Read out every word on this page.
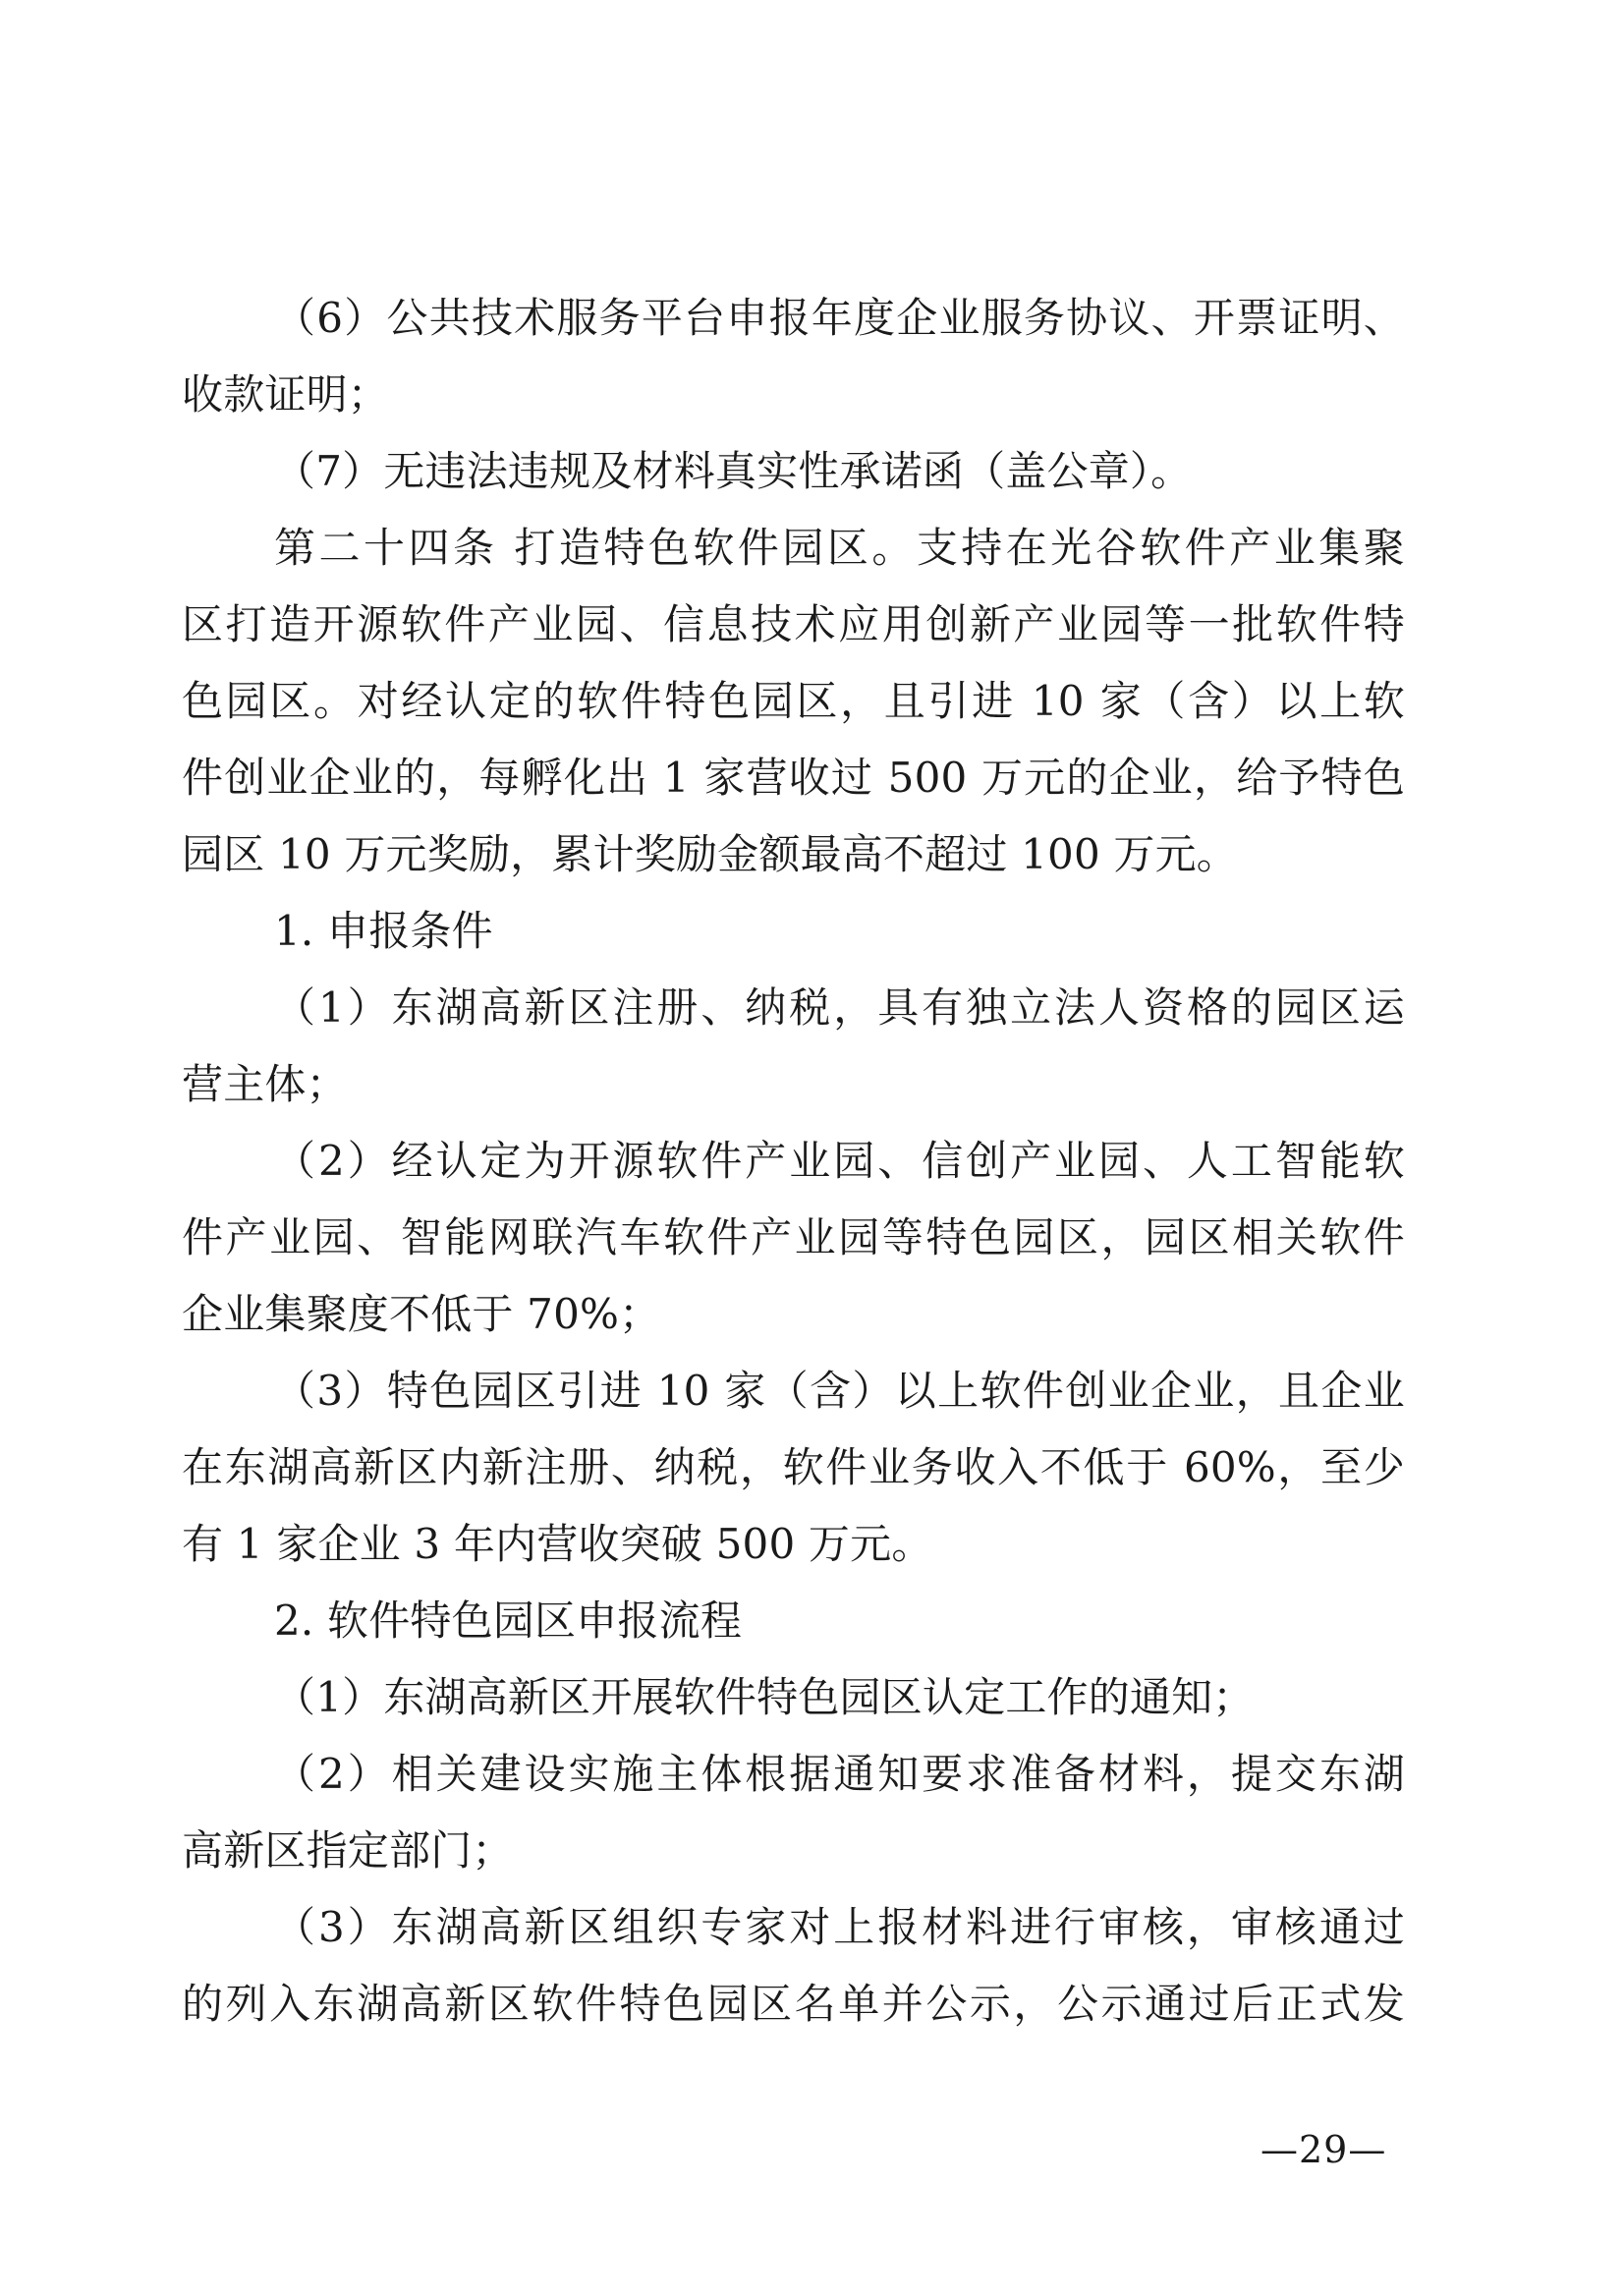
（6）公共技术服务平台申报年度企业服务协议、开票证明、
收款证明；
（7）无违法违规及材料真实性承诺函（盖公章）。
第二十四条 打造特色软件园区。支持在光谷软件产业集聚
区打造开源软件产业园、信息技术应用创新产业园等一批软件特
色园区。对经认定的软件特色园区，且引进 10 家（含）以上软
件创业企业的，每孵化出 1 家营收过 500 万元的企业，给予特色
园区 10 万元奖励，累计奖励金额最高不超过 100 万元。
1. 申报条件
（1）东湖高新区注册、纳税，具有独立法人资格的园区运
营主体；
（2）经认定为开源软件产业园、信创产业园、人工智能软
件产业园、智能网联汽车软件产业园等特色园区，园区相关软件
企业集聚度不低于 70%；
（3）特色园区引进 10 家（含）以上软件创业企业，且企业
在东湖高新区内新注册、纳税，软件业务收入不低于 60%，至少
有 1 家企业 3 年内营收突破 500 万元。
2. 软件特色园区申报流程
（1）东湖高新区开展软件特色园区认定工作的通知；
（2）相关建设实施主体根据通知要求准备材料，提交东湖
高新区指定部门；
（3）东湖高新区组织专家对上报材料进行审核，审核通过
的列入东湖高新区软件特色园区名单并公示，公示通过后正式发
—29—
